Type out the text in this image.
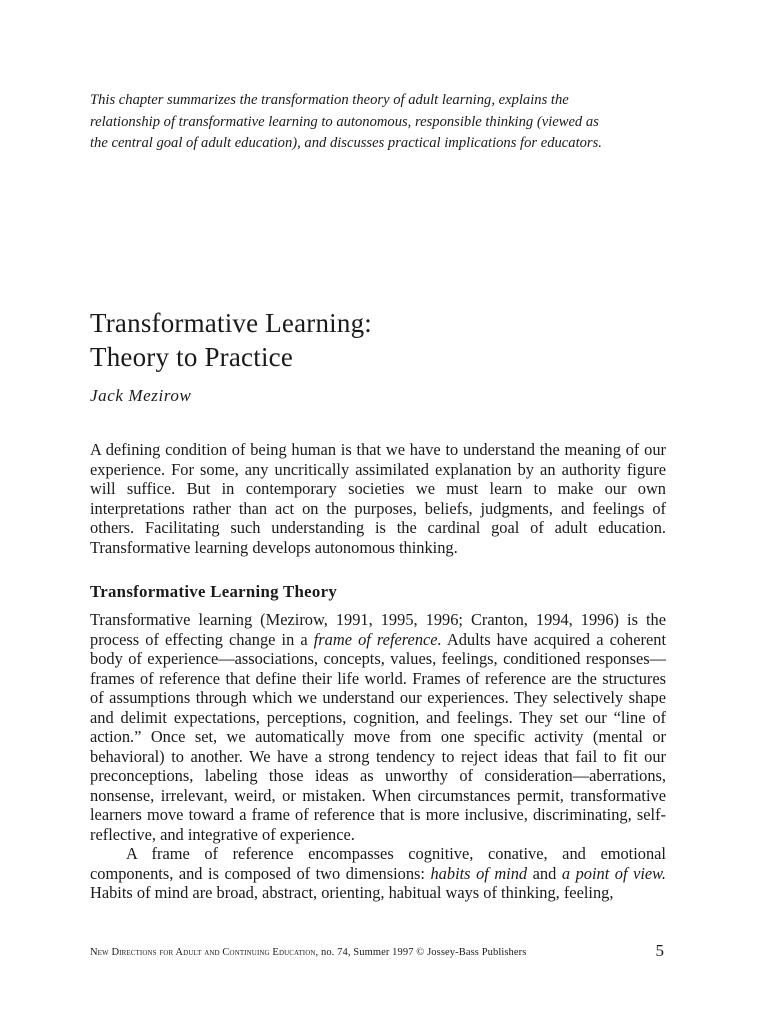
This chapter summarizes the transformation theory of adult learning, explains the relationship of transformative learning to autonomous, responsible thinking (viewed as the central goal of adult education), and discusses practical implications for educators.

Transformative Learning:
Theory to Practice

Jack Mezirow

A defining condition of being human is that we have to understand the meaning of our experience. For some, any uncritically assimilated explanation by an authority figure will suffice. But in contemporary societies we must learn to make our own interpretations rather than act on the purposes, beliefs, judgments, and feelings of others. Facilitating such understanding is the cardinal goal of adult education. Transformative learning develops autonomous thinking.

Transformative Learning Theory

Transformative learning (Mezirow, 1991, 1995, 1996; Cranton, 1994, 1996) is the process of effecting change in a frame of reference. Adults have acquired a coherent body of experience—associations, concepts, values, feelings, conditioned responses—frames of reference that define their life world. Frames of reference are the structures of assumptions through which we understand our experiences. They selectively shape and delimit expectations, perceptions, cognition, and feelings. They set our “line of action.” Once set, we automatically move from one specific activity (mental or behavioral) to another. We have a strong tendency to reject ideas that fail to fit our preconceptions, labeling those ideas as unworthy of consideration—aberrations, nonsense, irrelevant, weird, or mistaken. When circumstances permit, transformative learners move toward a frame of reference that is more inclusive, discriminating, self-reflective, and integrative of experience.

A frame of reference encompasses cognitive, conative, and emotional components, and is composed of two dimensions: habits of mind and a point of view. Habits of mind are broad, abstract, orienting, habitual ways of thinking, feeling,

New Directions for Adult and Continuing Education, no. 74, Summer 1997 © Jossey-Bass Publishers	5
